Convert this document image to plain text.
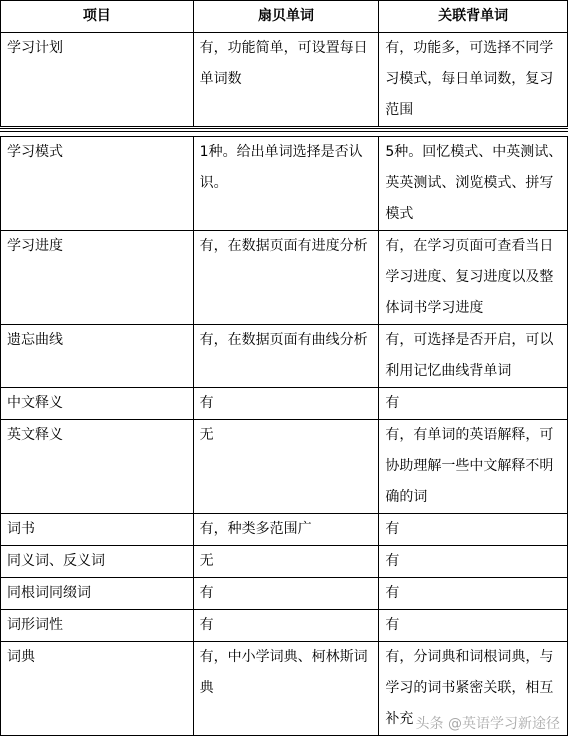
项目	扇贝单词	关联背单词
学习计划	有，功能简单，可设置每日单词数	有，功能多，可选择不同学习模式，每日单词数，复习范围
学习模式	1种。给出单词选择是否认识。	5种。回忆模式、中英测试、英英测试、浏览模式、拼写模式
学习进度	有，在数据页面有进度分析	有，在学习页面可查看当日学习进度、复习进度以及整体词书学习进度
遗忘曲线	有，在数据页面有曲线分析	有，可选择是否开启，可以利用记忆曲线背单词
中文释义	有	有
英文释义	无	有，有单词的英语解释，可协助理解一些中文解释不明确的词
词书	有，种类多范围广	有
同义词、反义词	无	有
同根词同缀词	有	有
词形词性	有	有
词典	有，中小学词典、柯林斯词典	有，分词典和词根词典，与学习的词书紧密关联，相互补充 头条 @英语学习新途径
